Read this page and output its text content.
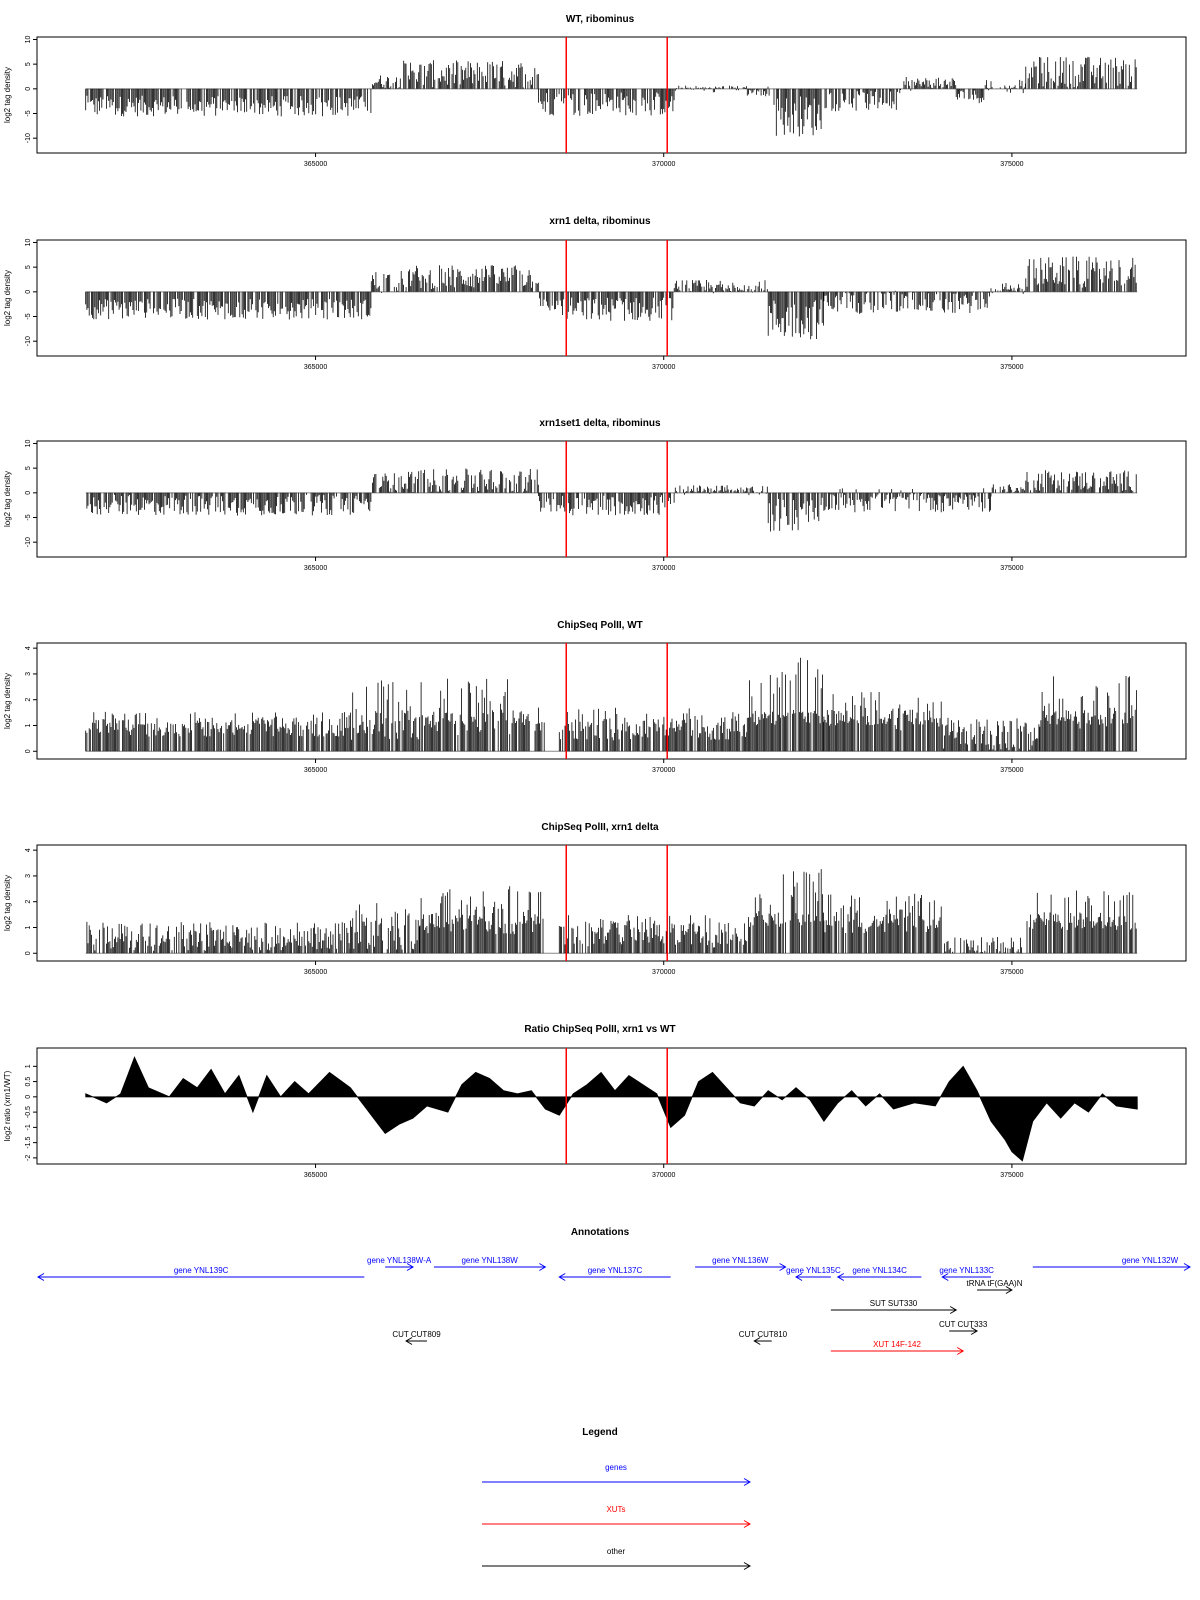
WT, ribominus
log2 tag density
10
5
0
-5
-10
365000	370000	375000
xrn1 delta, ribominus
log2 tag density
10
5
0
-5
-10
365000	370000	375000
xrn1set1 delta, ribominus
log2 tag density
10
5
0
-5
-10
365000	370000	375000
ChipSeq PolII, WT
log2 tag density
4
3
2
1
0
365000	370000	375000
ChipSeq PolII, xrn1 delta
log2 tag density
4
3
2
1
0
365000	370000	375000
Ratio ChipSeq PolII, xrn1 vs WT
log2 ratio (xrn1/WT)
1
0.5
0
-0.5
-1
-1.5
-2
365000	370000	375000
Annotations
gene YNL139C
gene YNL138W-A	gene YNL138W
gene YNL137C
gene YNL136W
gene YNL135C gene YNL134C	gene YNL133C
tRNA tF(GAA)N
gene YNL132W
SUT SUT330
CUT CUT333
CUT CUT809	CUT CUT810
XUT 14F-142
Legend
genes
XUTs
other
